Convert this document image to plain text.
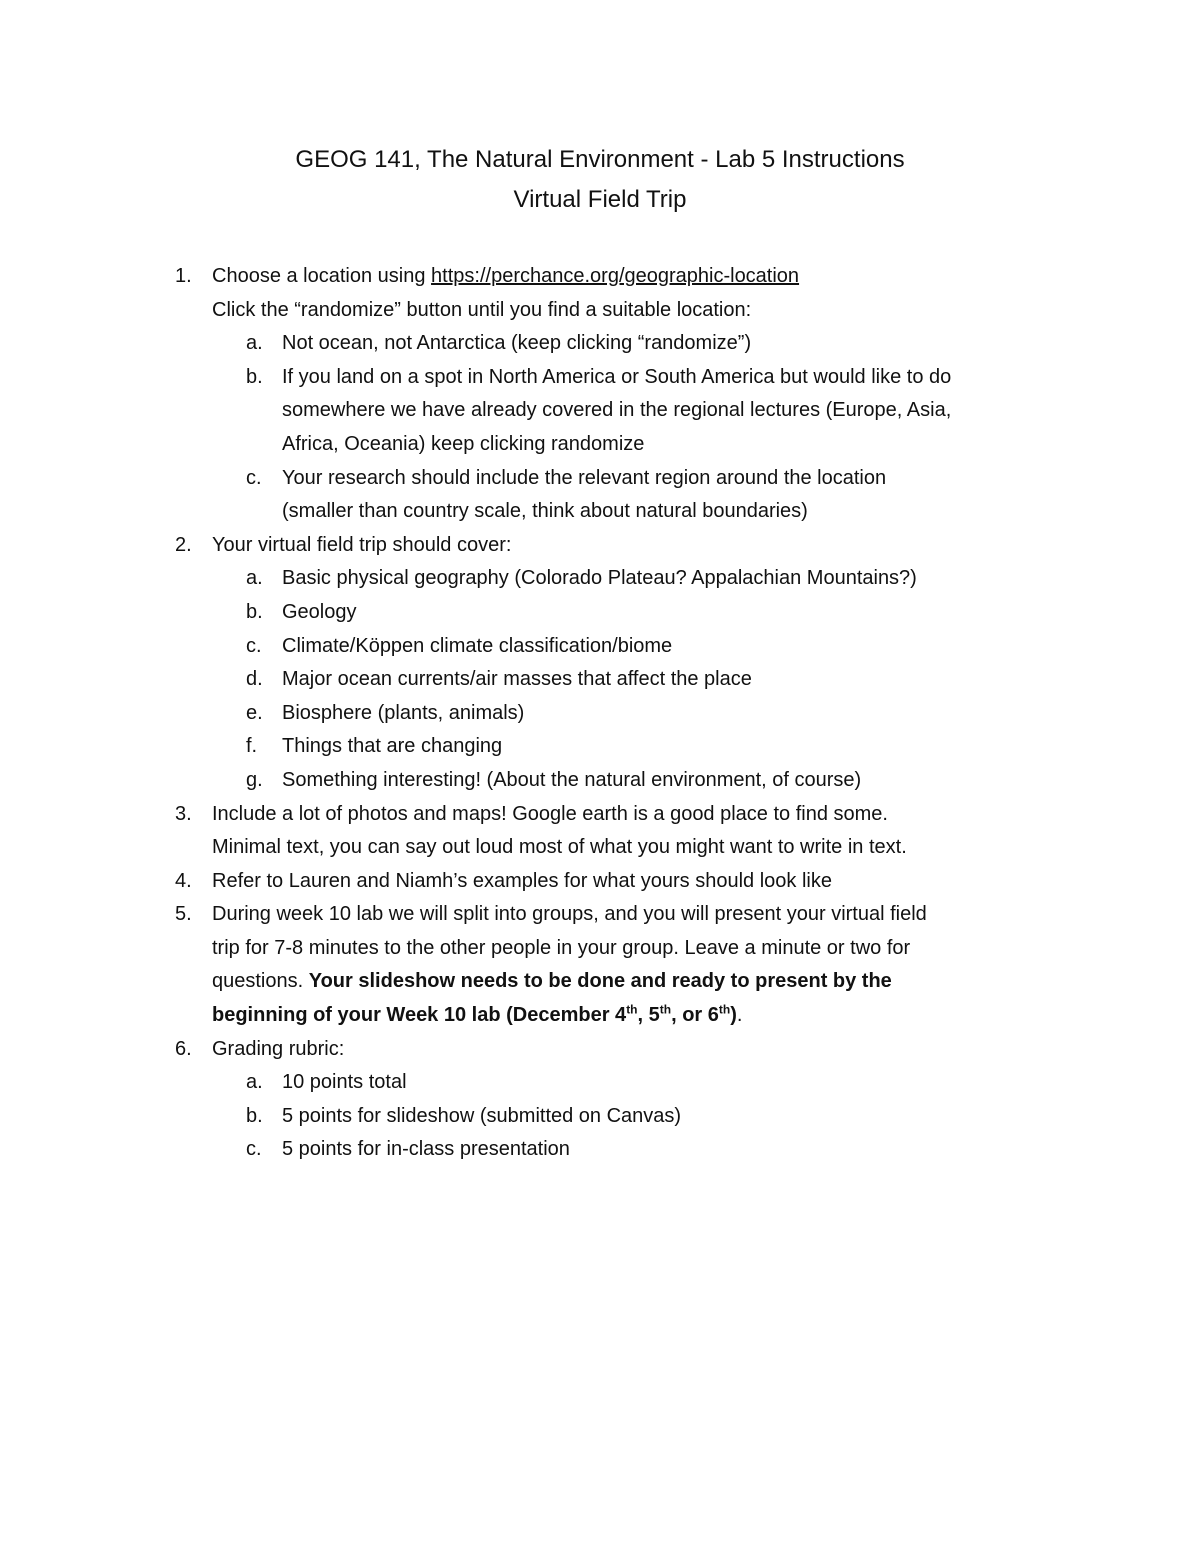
GEOG 141, The Natural Environment - Lab 5 Instructions
Virtual Field Trip
1. Choose a location using https://perchance.org/geographic-location
Click the “randomize” button until you find a suitable location:
a. Not ocean, not Antarctica (keep clicking “randomize”)
b. If you land on a spot in North America or South America but would like to do
somewhere we have already covered in the regional lectures (Europe, Asia,
Africa, Oceania) keep clicking randomize
c. Your research should include the relevant region around the location
(smaller than country scale, think about natural boundaries)
2. Your virtual field trip should cover:
a. Basic physical geography (Colorado Plateau? Appalachian Mountains?)
b. Geology
c. Climate/Köppen climate classification/biome
d. Major ocean currents/air masses that affect the place
e. Biosphere (plants, animals)
f. Things that are changing
g. Something interesting! (About the natural environment, of course)
3. Include a lot of photos and maps! Google earth is a good place to find some.
Minimal text, you can say out loud most of what you might want to write in text.
4. Refer to Lauren and Niamh’s examples for what yours should look like
5. During week 10 lab we will split into groups, and you will present your virtual field
trip for 7-8 minutes to the other people in your group. Leave a minute or two for
questions. Your slideshow needs to be done and ready to present by the
beginning of your Week 10 lab (December 4th, 5th, or 6th).
6. Grading rubric:
a. 10 points total
b. 5 points for slideshow (submitted on Canvas)
c. 5 points for in-class presentation
